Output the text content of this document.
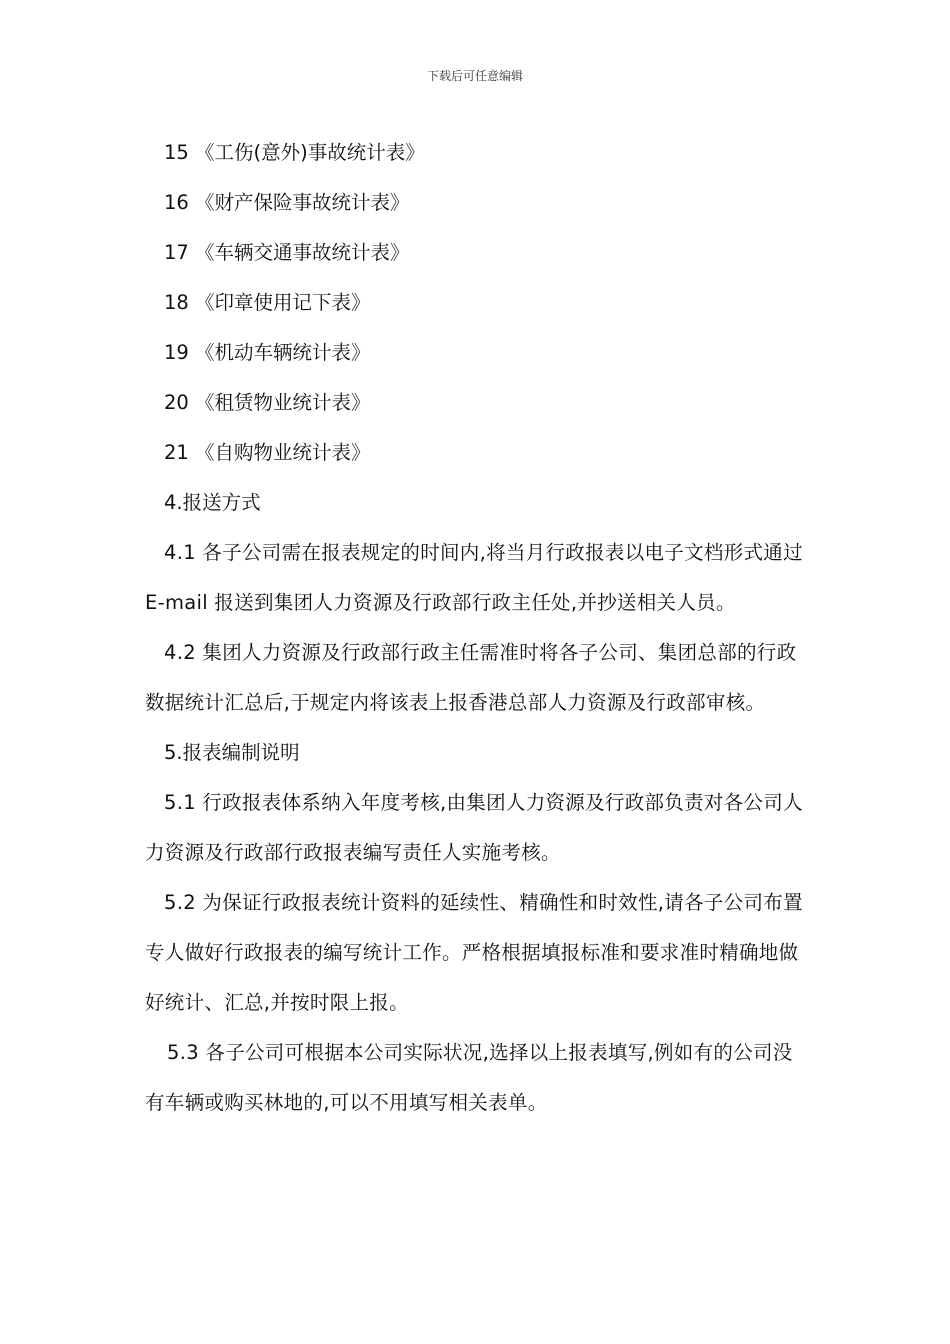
下载后可任意编辑
15 《工伤(意外)事故统计表》
16 《财产保险事故统计表》
17 《车辆交通事故统计表》
18 《印章使用记下表》
19 《机动车辆统计表》
20 《租赁物业统计表》
21 《自购物业统计表》
4.报送方式
4.1 各子公司需在报表规定的时间内,将当月行政报表以电子文档形式通过 E-mail 报送到集团人力资源及行政部行政主任处,并抄送相关人员。
4.2 集团人力资源及行政部行政主任需准时将各子公司、集团总部的行政数据统计汇总后,于规定内将该表上报香港总部人力资源及行政部审核。
5.报表编制说明
5.1 行政报表体系纳入年度考核,由集团人力资源及行政部负责对各公司人力资源及行政部行政报表编写责任人实施考核。
5.2 为保证行政报表统计资料的延续性、精确性和时效性,请各子公司布置专人做好行政报表的编写统计工作。严格根据填报标准和要求准时精确地做好统计、汇总,并按时限上报。
5.3 各子公司可根据本公司实际状况,选择以上报表填写,例如有的公司没有车辆或购买林地的,可以不用填写相关表单。
